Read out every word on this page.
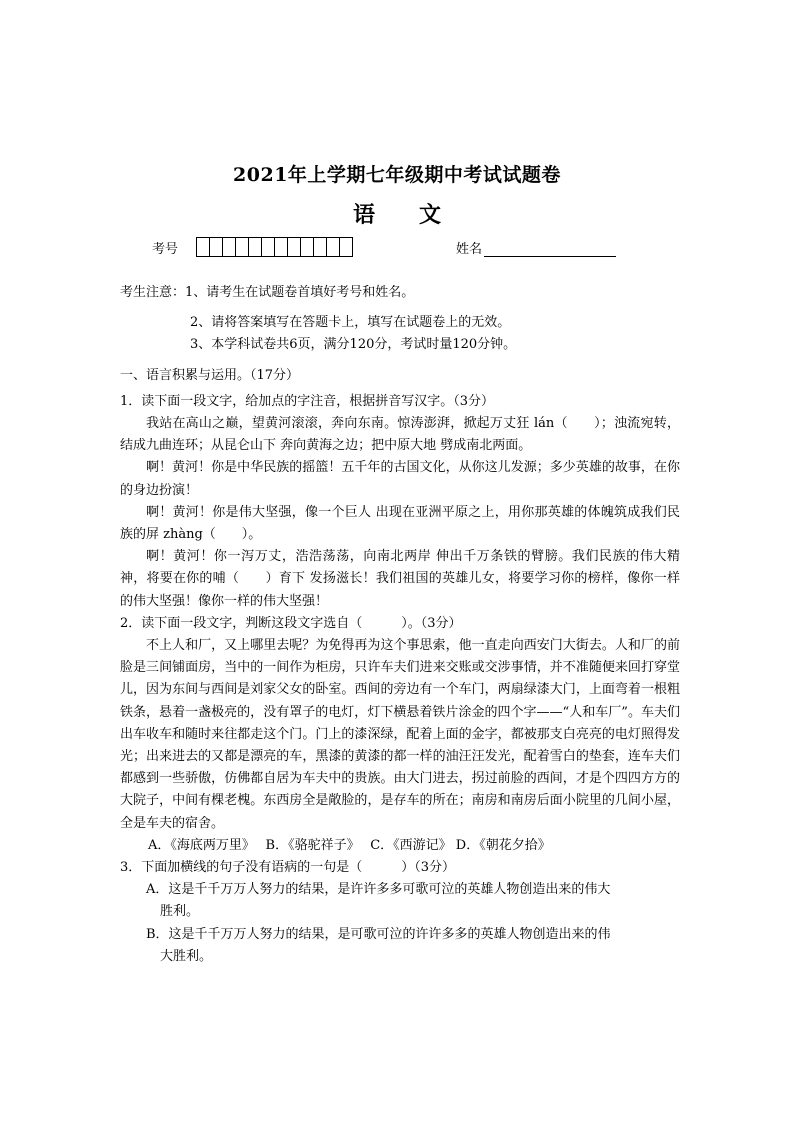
2021年上学期七年级期中考试试题卷
语 文
考号	姓名
考生注意：1、请考生在试题卷首填好考号和姓名。
2、请将答案填写在答题卡上，填写在试题卷上的无效。
3、本学科试卷共6页，满分120分，考试时量120分钟。
一、语言积累与运用。（17分）
1．读下面一段文字，给加点的字注音，根据拼音写汉字。（3分）
我站在高山之巅，望黄河滚滚，奔向东南。惊涛澎湃，掀起万丈狂 lán（　　）；浊流宛转，结成九曲连环；从昆仑山下 奔向黄海之边；把中原大地 劈成南北两面。
啊！黄河！你是中华民族的摇篮！五千年的古国文化，从你这儿发源；多少英雄的故事，在你的身边扮演！
啊！黄河！你是伟大坚强，像一个巨人 出现在亚洲平原之上，用你那英雄的体魄筑成我们民族的屏 zhàng（　　）。
啊！黄河！你一泻万丈，浩浩荡荡，向南北两岸 伸出千万条铁的臂膀。我们民族的伟大精神，将要在你的哺（　　）育下 发扬滋长！我们祖国的英雄儿女，将要学习你的榜样，像你一样的伟大坚强！像你一样的伟大坚强！
2．读下面一段文字，判断这段文字选自（　　　）。（3分）
不上人和厂，又上哪里去呢？为免得再为这个事思索，他一直走向西安门大街去。人和厂的前脸是三间铺面房，当中的一间作为柜房，只许车夫们进来交账或交涉事情，并不准随便来回打穿堂儿，因为东间与西间是刘家父女的卧室。西间的旁边有一个车门，两扇绿漆大门，上面弯着一根粗铁条，悬着一盏极亮的，没有罩子的电灯，灯下横悬着铁片涂金的四个字——“人和车厂”。车夫们出车收车和随时来往都走这个门。门上的漆深绿，配着上面的金字，都被那支白亮亮的电灯照得发光；出来进去的又都是漂亮的车，黑漆的黄漆的都一样的油汪汪发光，配着雪白的垫套，连车夫们都感到一些骄傲，仿佛都自居为车夫中的贵族。由大门进去，拐过前脸的西间，才是个四四方方的大院子，中间有棵老槐。东西房全是敞脸的，是存车的所在；南房和南房后面小院里的几间小屋，全是车夫的宿舍。
A．《海底两万里》　 B．《骆驼祥子》　 C．《西游记》 D．《朝花夕拾》
3．下面加横线的句子没有语病的一句是（　　　）（3分）
A．这是千千万万人努力的结果，是许许多多可歌可泣的英雄人物创造出来的伟大
胜利。
B．这是千千万万人努力的结果，是可歌可泣的许许多多的英雄人物创造出来的伟
大胜利。
